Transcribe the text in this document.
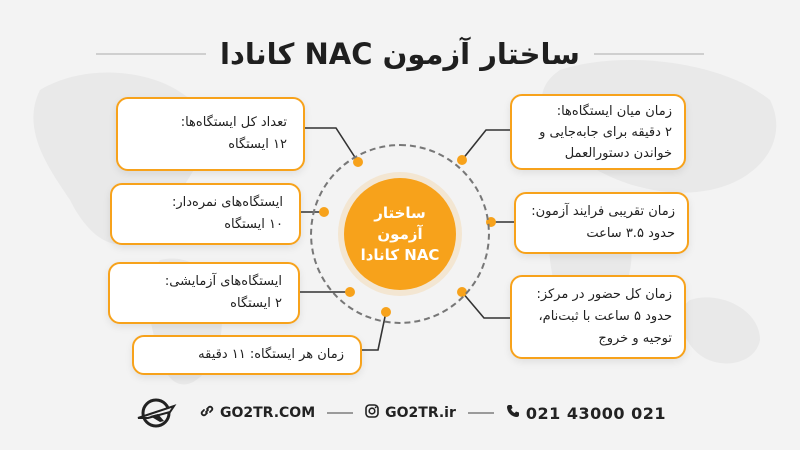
ساختار آزمون NAC کانادا
ساختار
آزمون
NAC کانادا
تعداد کل ایستگاه‌ها:
۱۲ ایستگاه
ایستگاه‌های نمره‌دار:
۱۰ ایستگاه
ایستگاه‌های آزمایشی:
۲ ایستگاه
زمان هر ایستگاه: ۱۱ دقیقه
زمان میان ایستگاه‌ها:
۲ دقیقه برای جابه‌جایی و
خواندن دستورالعمل
زمان تقریبی فرایند آزمون:
حدود ۳.۵ ساعت
زمان کل حضور در مرکز:
حدود ۵ ساعت با ثبت‌نام،
توجیه و خروج
GO2TR.COM	GO2TR.ir	021 43000 021
